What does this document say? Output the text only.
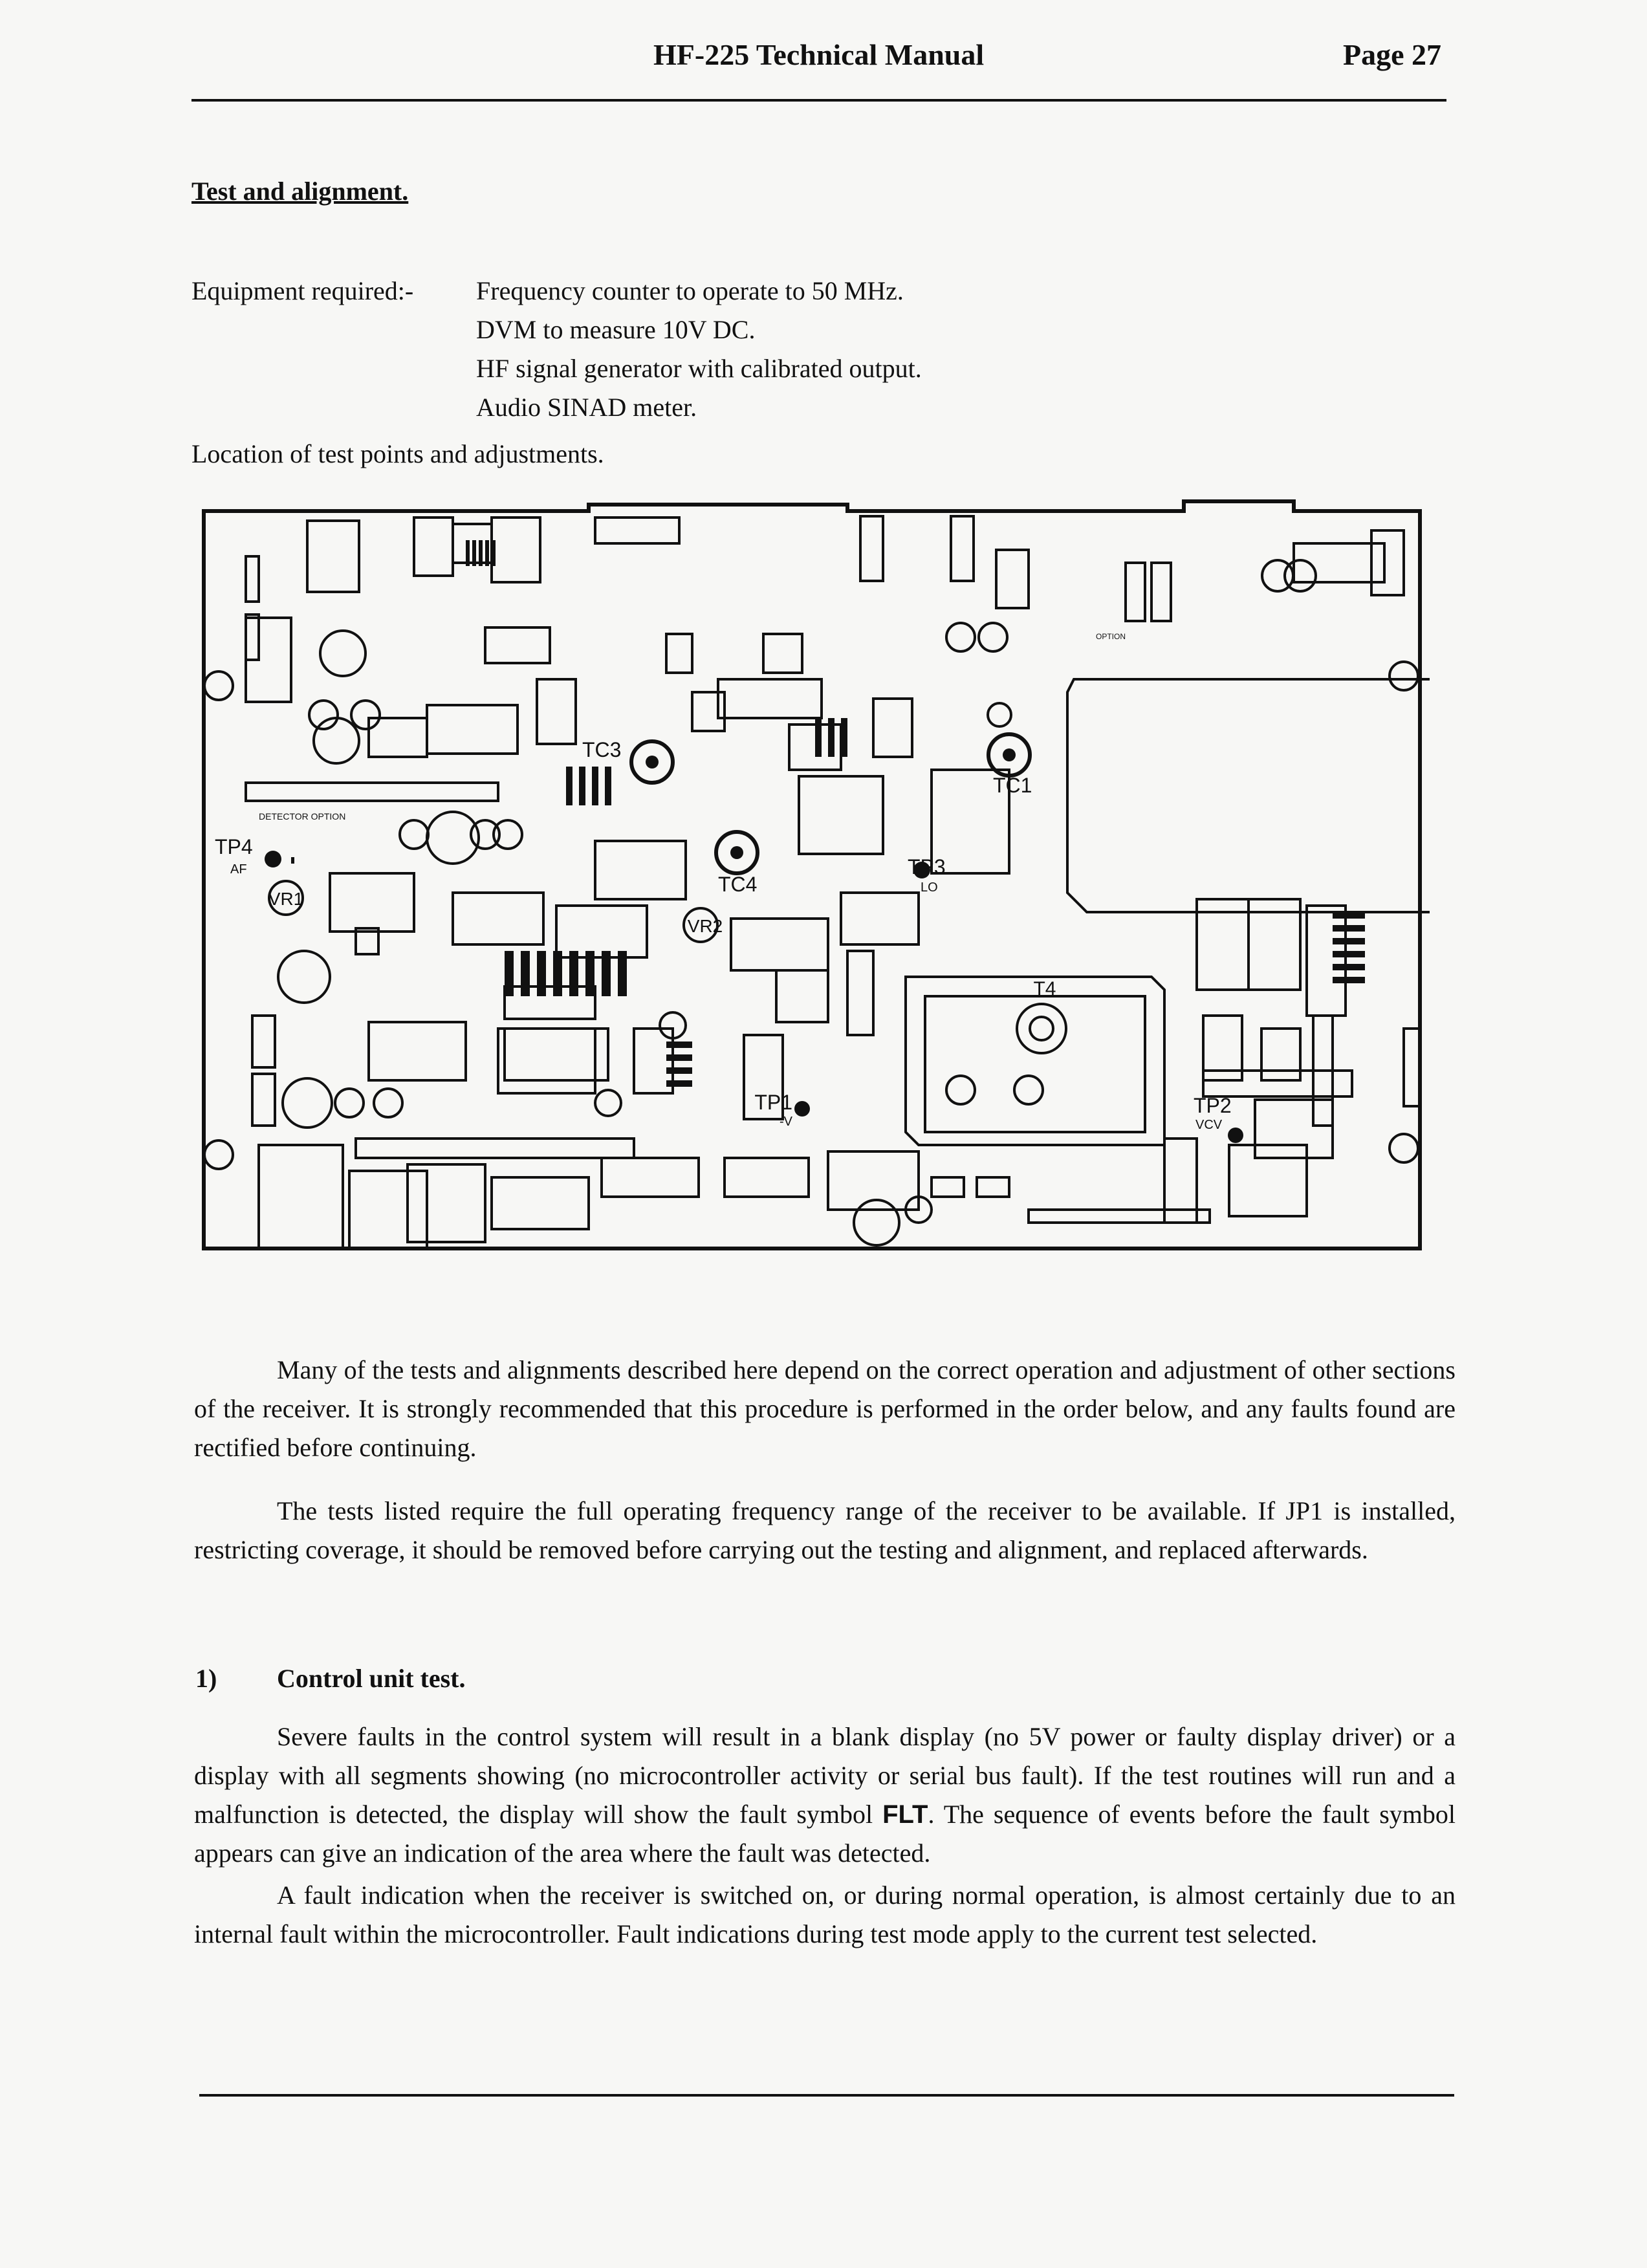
HF-225 Technical Manual	Page 27
Test and alignment.
Equipment required:- Frequency counter to operate to 50 MHz.
DVM to measure 10V DC.
HF signal generator with calibrated output.
Audio SINAD meter.
Location of test points and adjustments.
TC3
TC1
TC4
TP4
AF	TP3
LO
TP1
-V
TP2
VCV
VR1
VR2
T4
DETECTOR OPTION
OPTION

Many of the tests and alignments described here depend on the correct operation and adjustment of other sections of the receiver. It is strongly recommended that this procedure is performed in the order below, and any faults found are rectified before continuing.

The tests listed require the full operating frequency range of the receiver to be available. If JP1 is installed, restricting coverage, it should be removed before carrying out the testing and alignment, and replaced afterwards.

1) Control unit test.

Severe faults in the control system will result in a blank display (no 5V power or faulty display driver) or a display with all segments showing (no microcontroller activity or serial bus fault). If the test routines will run and a malfunction is detected, the display will show the fault symbol FLT. The sequence of events before the fault symbol appears can give an indication of the area where the fault was detected.

A fault indication when the receiver is switched on, or during normal operation, is almost certainly due to an internal fault within the microcontroller. Fault indications during test mode apply to the current test selected.
